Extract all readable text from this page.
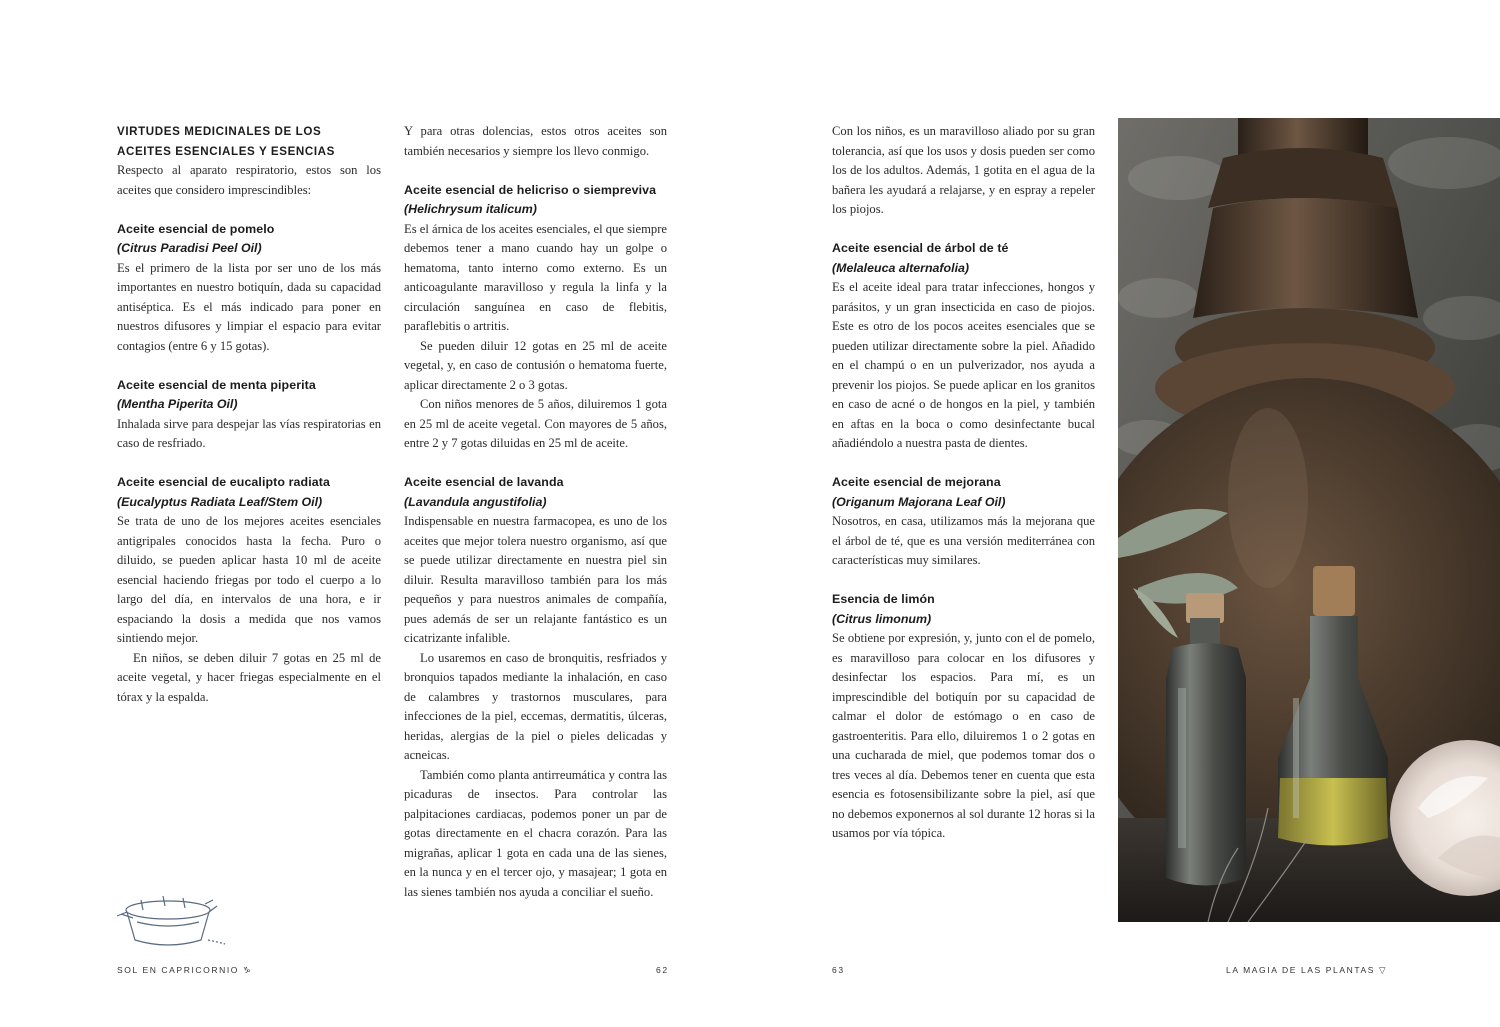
VIRTUDES MEDICINALES DE LOS
ACEITES ESENCIALES Y ESENCIAS

Respecto al aparato respiratorio, estos son los aceites que considero imprescindibles:

Aceite esencial de pomelo
(Citrus Paradisi Peel Oil)

Es el primero de la lista por ser uno de los más importantes en nuestro botiquín, dada su capacidad antiséptica. Es el más indicado para poner en nuestros difusores y limpiar el espacio para evitar contagios (entre 6 y 15 gotas).

Aceite esencial de menta piperita
(Mentha Piperita Oil)

Inhalada sirve para despejar las vías respiratorias en caso de resfriado.

Aceite esencial de eucalipto radiata
(Eucalyptus Radiata Leaf/Stem Oil)

Se trata de uno de los mejores aceites esenciales antigripales conocidos hasta la fecha. Puro o diluido, se pueden aplicar hasta 10 ml de aceite esencial haciendo friegas por todo el cuerpo a lo largo del día, en intervalos de una hora, e ir espaciando la dosis a medida que nos vamos sintiendo mejor.

En niños, se deben diluir 7 gotas en 25 ml de aceite vegetal, y hacer friegas especialmente en el tórax y la espalda.

Y para otras dolencias, estos otros aceites son también necesarios y siempre los llevo conmigo.

Aceite esencial de helicriso o siempreviva
(Helichrysum italicum)

Es el árnica de los aceites esenciales, el que siempre debemos tener a mano cuando hay un golpe o hematoma, tanto interno como externo. Es un anticoagulante maravilloso y regula la linfa y la circulación sanguínea en caso de flebitis, paraflebitis o artritis.

Se pueden diluir 12 gotas en 25 ml de aceite vegetal, y, en caso de contusión o hematoma fuerte, aplicar directamente 2 o 3 gotas.

Con niños menores de 5 años, diluiremos 1 gota en 25 ml de aceite vegetal. Con mayores de 5 años, entre 2 y 7 gotas diluidas en 25 ml de aceite.

Aceite esencial de lavanda
(Lavandula angustifolia)

Indispensable en nuestra farmacopea, es uno de los aceites que mejor tolera nuestro organismo, así que se puede utilizar directamente en nuestra piel sin diluir. Resulta maravilloso también para los más pequeños y para nuestros animales de compañía, pues además de ser un relajante fantástico es un cicatrizante infalible.

Lo usaremos en caso de bronquitis, resfriados y bronquios tapados mediante la inhalación, en caso de calambres y trastornos musculares, para infecciones de la piel, eccemas, dermatitis, úlceras, heridas, alergias de la piel o pieles delicadas y acneicas.

También como planta antirreumática y contra las picaduras de insectos. Para controlar las palpitaciones cardiacas, podemos poner un par de gotas directamente en el chacra corazón. Para las migrañas, aplicar 1 gota en cada una de las sienes, en la nunca y en el tercer ojo, y masajear; 1 gota en las sienes también nos ayuda a conciliar el sueño.

Con los niños, es un maravilloso aliado por su gran tolerancia, así que los usos y dosis pueden ser como los de los adultos. Además, 1 gotita en el agua de la bañera les ayudará a relajarse, y en espray a repeler los piojos.

Aceite esencial de árbol de té
(Melaleuca alternafolia)

Es el aceite ideal para tratar infecciones, hongos y parásitos, y un gran insecticida en caso de piojos. Este es otro de los pocos aceites esenciales que se pueden utilizar directamente sobre la piel. Añadido en el champú o en un pulverizador, nos ayuda a prevenir los piojos. Se puede aplicar en los granitos en caso de acné o de hongos en la piel, y también en aftas en la boca o como desinfectante bucal añadiéndolo a nuestra pasta de dientes.

Aceite esencial de mejorana
(Origanum Majorana Leaf Oil)

Nosotros, en casa, utilizamos más la mejorana que el árbol de té, que es una versión mediterránea con características muy similares.

Esencia de limón
(Citrus limonum)

Se obtiene por expresión, y, junto con el de pomelo, es maravilloso para colocar en los difusores y desinfectar los espacios. Para mí, es un imprescindible del botiquín por su capacidad de calmar el dolor de estómago o en caso de gastroenteritis. Para ello, diluiremos 1 o 2 gotas en una cucharada de miel, que podemos tomar dos o tres veces al día. Debemos tener en cuenta que esta esencia es fotosensibilizante sobre la piel, así que no debemos exponernos al sol durante 12 horas si la usamos por vía tópica.

SOL EN CAPRICORNIO ♑	62	63	LA MAGIA DE LAS PLANTAS ▽
